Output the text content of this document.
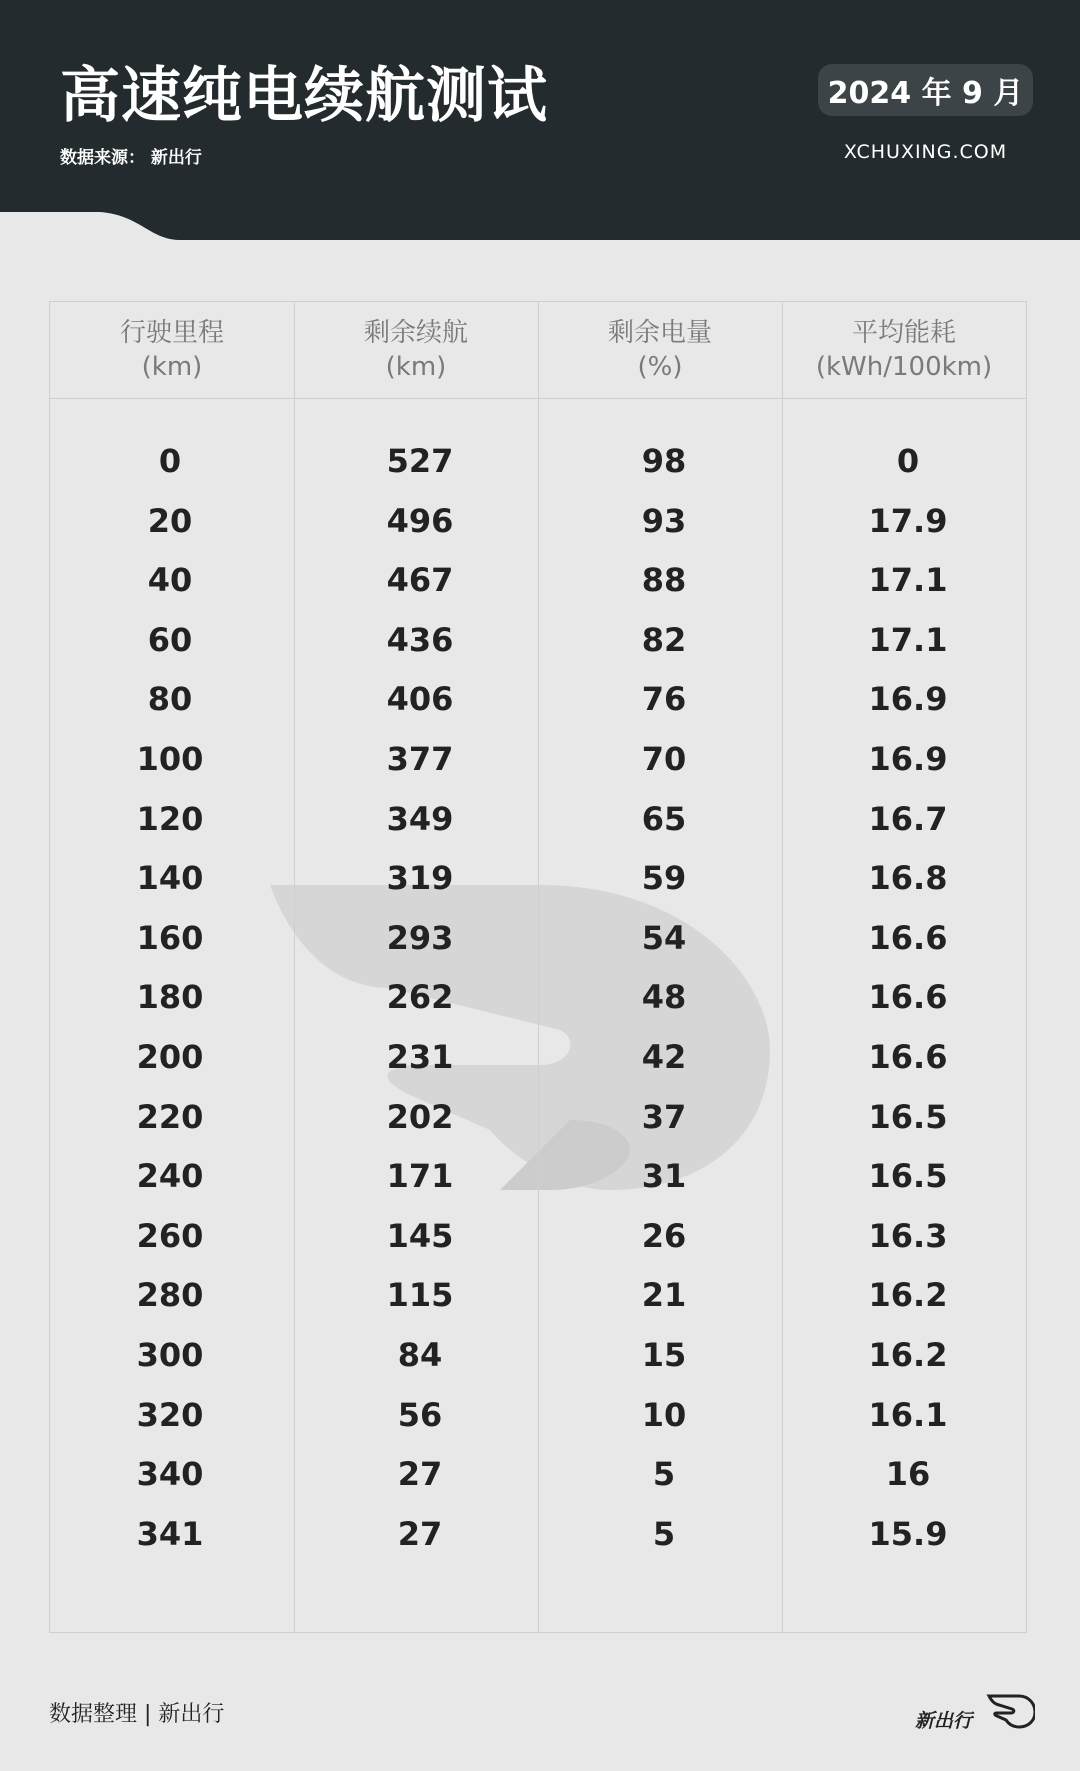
高速纯电续航测试
数据来源： 新出行
2024 年 9 月
XCHUXING.COM
行驶里程
(km)
剩余续航
(km)
剩余电量
(%)
平均能耗
(kWh/100km)
0	527	98	0
20	496	93	17.9
40	467	88	17.1
60	436	82	17.1
80	406	76	16.9
100	377	70	16.9
120	349	65	16.7
140	319	59	16.8
160	293	54	16.6
180	262	48	16.6
200	231	42	16.6
220	202	37	16.5
240	171	31	16.5
260	145	26	16.3
280	115	21	16.2
300	84	15	16.2
320	56	10	16.1
340	27	5	16
341	27	5	15.9
数据整理 | 新出行	新出行
